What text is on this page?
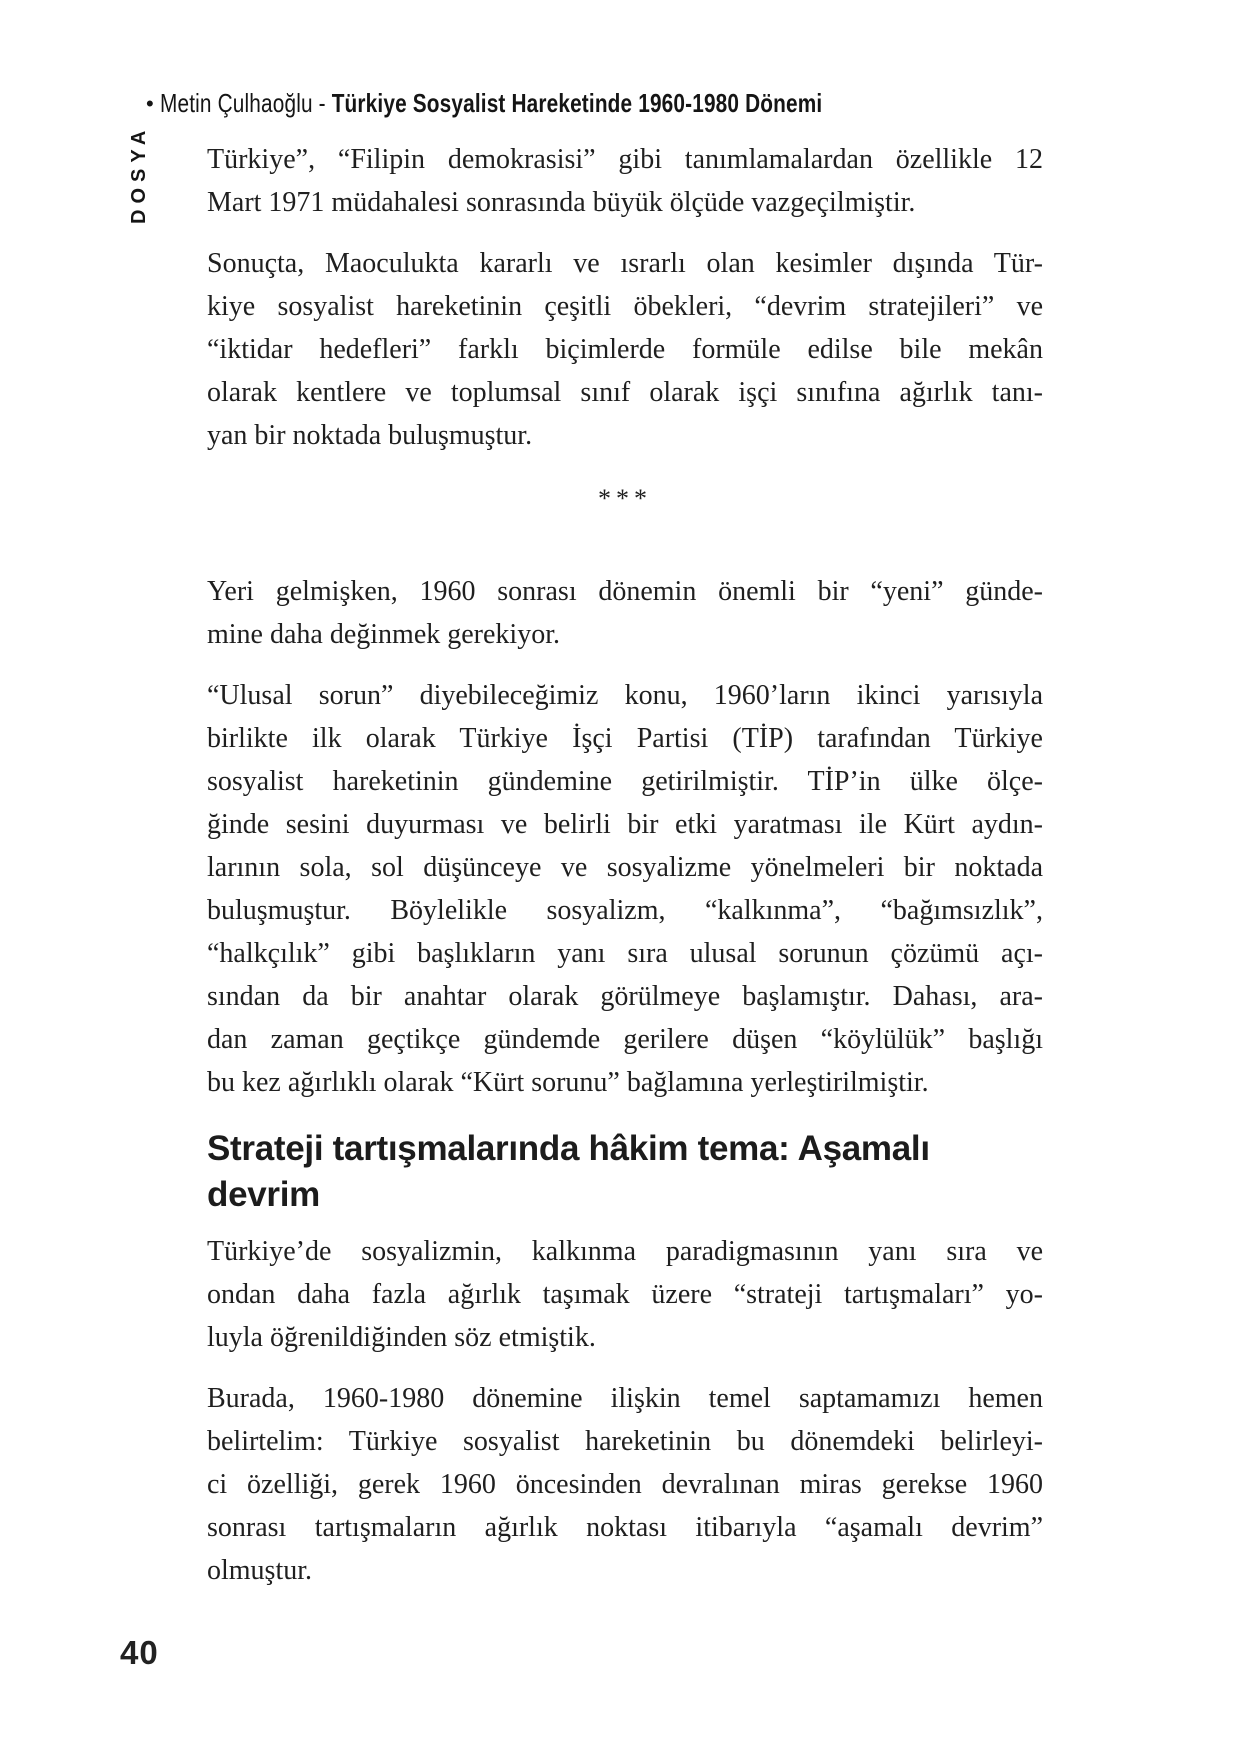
• Metin Çulhaoğlu - Türkiye Sosyalist Hareketinde 1960-1980 Dönemi
DOSYA Türkiye”, “Filipin demokrasisi” gibi tanımlamalardan özellikle 12
Mart 1971 müdahalesi sonrasında büyük ölçüde vazgeçilmiştir.

Sonuçta, Maoculukta kararlı ve ısrarlı olan kesimler dışında Tür-
kiye sosyalist hareketinin çeşitli öbekleri, “devrim stratejileri” ve
“iktidar hedefleri” farklı biçimlerde formüle edilse bile mekân
olarak kentlere ve toplumsal sınıf olarak işçi sınıfına ağırlık tanı-
yan bir noktada buluşmuştur.

***

Yeri gelmişken, 1960 sonrası dönemin önemli bir “yeni” günde-
mine daha değinmek gerekiyor.

“Ulusal sorun” diyebileceğimiz konu, 1960’ların ikinci yarısıyla
birlikte ilk olarak Türkiye İşçi Partisi (TİP) tarafından Türkiye
sosyalist hareketinin gündemine getirilmiştir. TİP’in ülke ölçe-
ğinde sesini duyurması ve belirli bir etki yaratması ile Kürt aydın-
larının sola, sol düşünceye ve sosyalizme yönelmeleri bir noktada
buluşmuştur. Böylelikle sosyalizm, “kalkınma”, “bağımsızlık”,
“halkçılık” gibi başlıkların yanı sıra ulusal sorunun çözümü açı-
sından da bir anahtar olarak görülmeye başlamıştır. Dahası, ara-
dan zaman geçtikçe gündemde gerilere düşen “köylülük” başlığı
bu kez ağırlıklı olarak “Kürt sorunu” bağlamına yerleştirilmiştir.

Strateji tartışmalarında hâkim tema: Aşamalı
devrim

Türkiye’de sosyalizmin, kalkınma paradigmasının yanı sıra ve
ondan daha fazla ağırlık taşımak üzere “strateji tartışmaları” yo-
luyla öğrenildiğinden söz etmiştik.

Burada, 1960-1980 dönemine ilişkin temel saptamamızı hemen
belirtelim: Türkiye sosyalist hareketinin bu dönemdeki belirleyi-
ci özelliği, gerek 1960 öncesinden devralınan miras gerekse 1960
sonrası tartışmaların ağırlık noktası itibarıyla “aşamalı devrim”
olmuştur.

40
